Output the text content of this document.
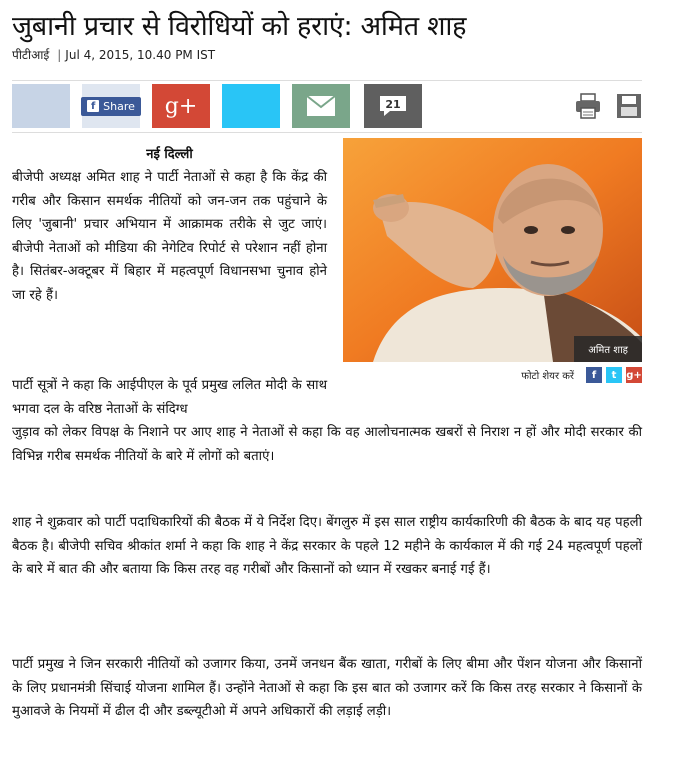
जुबानी प्रचार से विरोधियों को हराएं: अमित शाह
पीटीआई | Jul 4, 2015, 10.40 PM IST
f Share g+	21
अमित शाह
फोटो शेयर करें	f	t g+
नई दिल्ली

बीजेपी अध्यक्ष अमित शाह ने पार्टी नेताओं से कहा है कि केंद्र की गरीब और किसान समर्थक नीतियों को जन-जन तक पहुंचाने के लिए 'जुबानी' प्रचार अभियान में आक्रामक तरीके से जुट जाएं। बीजेपी नेताओं को मीडिया की नेगेटिव रिपोर्ट से परेशान नहीं होना है। सितंबर-अक्टूबर में बिहार में महत्वपूर्ण विधानसभा चुनाव होने जा रहे हैं।

पार्टी सूत्रों ने कहा कि आईपीएल के पूर्व प्रमुख ललित मोदी के साथ भगवा दल के वरिष्ठ नेताओं के संदिग्ध
जुड़ाव को लेकर विपक्ष के निशाने पर आए शाह ने नेताओं से कहा कि वह आलोचनात्मक खबरों से निराश न हों और मोदी सरकार की विभिन्न गरीब समर्थक नीतियों के बारे में लोगों को बताएं।

शाह ने शुक्रवार को पार्टी पदाधिकारियों की बैठक में ये निर्देश दिए। बेंगलुरु में इस साल राष्ट्रीय कार्यकारिणी की बैठक के बाद यह पहली बैठक है। बीजेपी सचिव श्रीकांत शर्मा ने कहा कि शाह ने केंद्र सरकार के पहले 12 महीने के कार्यकाल में की गई 24 महत्वपूर्ण पहलों के बारे में बात की और बताया कि किस तरह वह गरीबों और किसानों को ध्यान में रखकर बनाई गई हैं।

पार्टी प्रमुख ने जिन सरकारी नीतियों को उजागर किया, उनमें जनधन बैंक खाता, गरीबों के लिए बीमा और पेंशन योजना और किसानों के लिए प्रधानमंत्री सिंचाई योजना शामिल हैं। उन्होंने नेताओं से कहा कि इस बात को उजागर करें कि किस तरह सरकार ने किसानों के मुआवजे के नियमों में ढील दी और डब्ल्यूटीओ में अपने अधिकारों की लड़ाई लड़ी।
